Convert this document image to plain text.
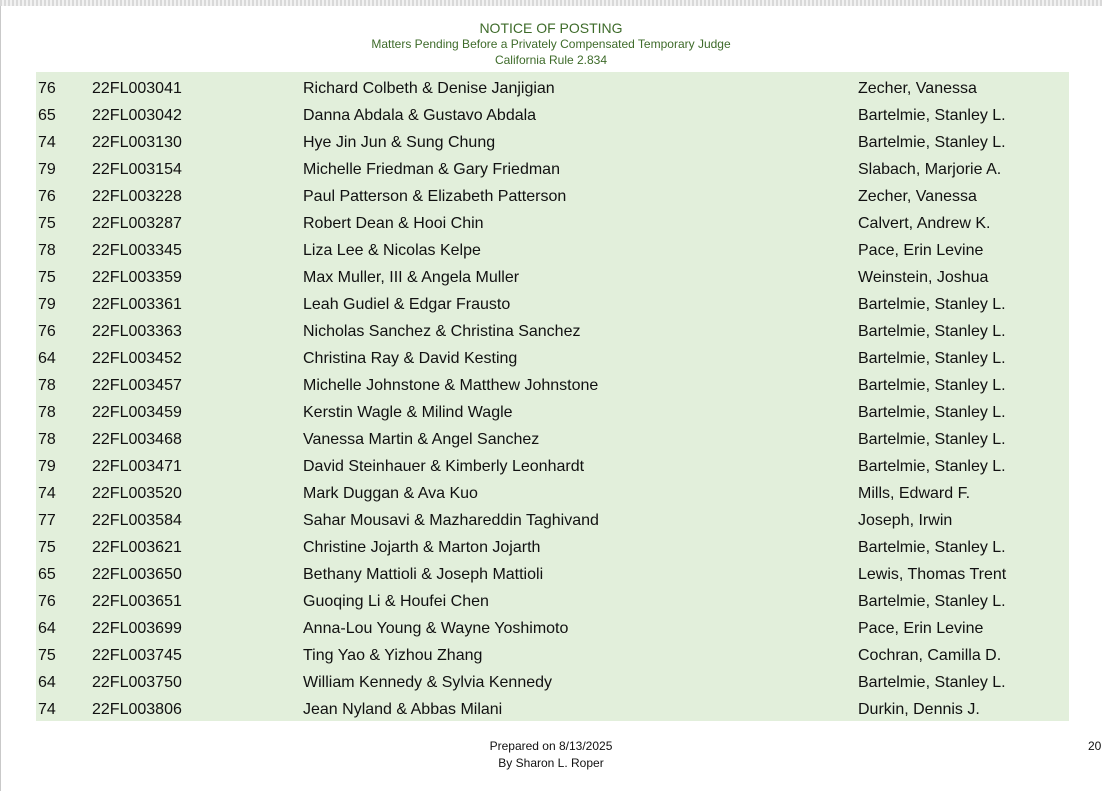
NOTICE OF POSTING
Matters Pending Before a Privately Compensated Temporary Judge
California Rule 2.834
76 22FL003041	Richard Colbeth & Denise Janjigian	Zecher, Vanessa
65 22FL003042	Danna Abdala & Gustavo Abdala	Bartelmie, Stanley L.
74 22FL003130	Hye Jin Jun & Sung Chung	Bartelmie, Stanley L.
79 22FL003154	Michelle Friedman & Gary Friedman	Slabach, Marjorie A.
76 22FL003228	Paul Patterson & Elizabeth Patterson	Zecher, Vanessa
75 22FL003287	Robert Dean & Hooi Chin	Calvert, Andrew K.
78 22FL003345	Liza Lee & Nicolas Kelpe	Pace, Erin Levine
75 22FL003359	Max Muller, III & Angela Muller	Weinstein, Joshua
79 22FL003361	Leah Gudiel & Edgar Frausto	Bartelmie, Stanley L.
76 22FL003363	Nicholas Sanchez & Christina Sanchez	Bartelmie, Stanley L.
64 22FL003452	Christina Ray & David Kesting	Bartelmie, Stanley L.
78 22FL003457	Michelle Johnstone & Matthew Johnstone	Bartelmie, Stanley L.
78 22FL003459	Kerstin Wagle & Milind Wagle	Bartelmie, Stanley L.
78 22FL003468	Vanessa Martin & Angel Sanchez	Bartelmie, Stanley L.
79 22FL003471	David Steinhauer & Kimberly Leonhardt	Bartelmie, Stanley L.
74 22FL003520	Mark Duggan & Ava Kuo	Mills, Edward F.
77 22FL003584	Sahar Mousavi & Mazhareddin Taghivand	Joseph, Irwin
75 22FL003621	Christine Jojarth & Marton Jojarth	Bartelmie, Stanley L.
65 22FL003650	Bethany Mattioli & Joseph Mattioli	Lewis, Thomas Trent
76 22FL003651	Guoqing Li & Houfei Chen	Bartelmie, Stanley L.
64 22FL003699	Anna-Lou Young & Wayne Yoshimoto	Pace, Erin Levine
75 22FL003745	Ting Yao & Yizhou Zhang	Cochran, Camilla D.
64 22FL003750	William Kennedy & Sylvia Kennedy	Bartelmie, Stanley L.
74 22FL003806	Jean Nyland & Abbas Milani	Durkin, Dennis J.
Prepared on 8/13/2025
By Sharon L. Roper
20
